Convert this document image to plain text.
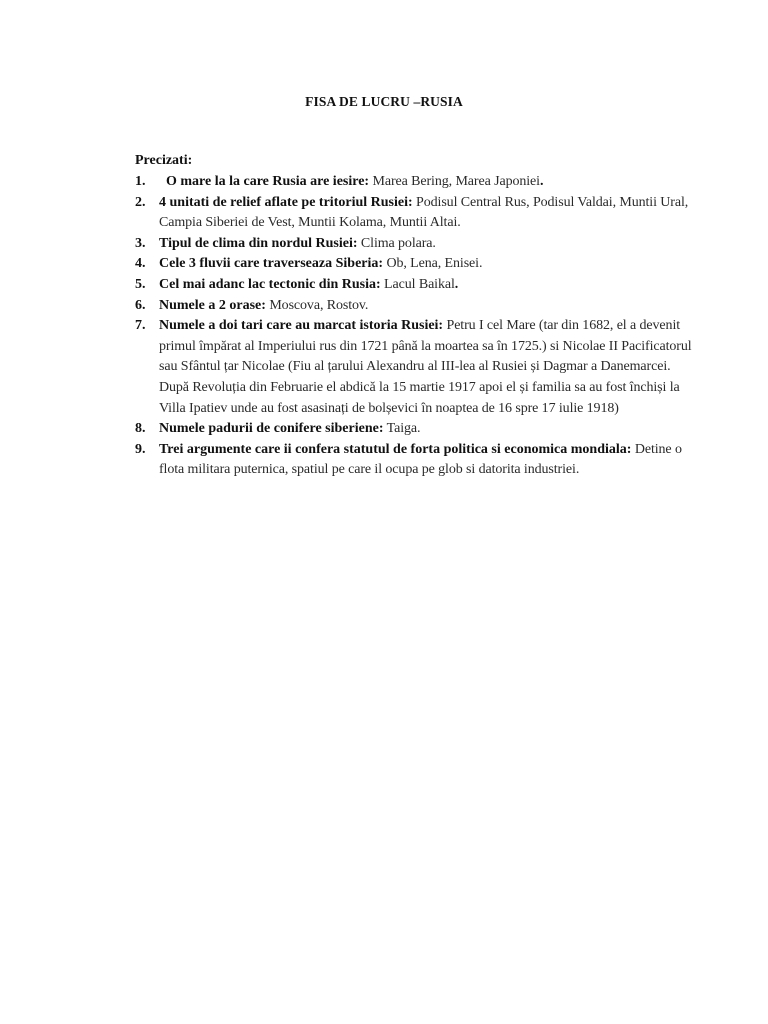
FISA DE LUCRU –RUSIA
Precizati:
1. O mare la la care Rusia are iesire: Marea Bering, Marea Japoniei.
2. 4 unitati de relief aflate pe tritoriul Rusiei: Podisul Central Rus, Podisul Valdai, Muntii Ural, Campia Siberiei de Vest, Muntii Kolama, Muntii Altai.
3. Tipul de clima din nordul Rusiei: Clima polara.
4. Cele 3 fluvii care traverseaza Siberia: Ob, Lena, Enisei.
5. Cel mai adanc lac tectonic din Rusia: Lacul Baikal.
6. Numele a 2 orase: Moscova, Rostov.
7. Numele a doi tari care au marcat istoria Rusiei: Petru I cel Mare (tar din 1682, el a devenit primul împărat al Imperiului rus din 1721 până la moartea sa în 1725.) si Nicolae II Pacificatorul sau Sfântul țar Nicolae (Fiu al țarului Alexandru al III-lea al Rusiei și Dagmar a Danemarcei. După Revoluția din Februarie el abdică la 15 martie 1917 apoi el și familia sa au fost închiși la Villa Ipatiev unde au fost asasinați de bolșevici în noaptea de 16 spre 17 iulie 1918)
8. Numele padurii de conifere siberiene: Taiga.
9. Trei argumente care ii confera statutul de forta politica si economica mondiala: Detine o flota militara puternica, spatiul pe care il ocupa pe glob si datorita industriei.
